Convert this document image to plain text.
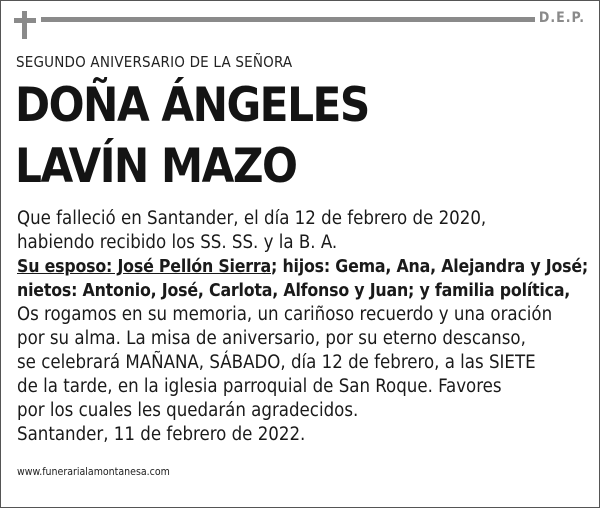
D.E.P.
SEGUNDO ANIVERSARIO DE LA SEÑORA
DOÑA ÁNGELES
LAVÍN MAZO

Que falleció en Santander, el día 12 de febrero de 2020,
habiendo recibido los SS. SS. y la B. A.

Su esposo: José Pellón Sierra; hijos: Gema, Ana, Alejandra y José;
nietos: Antonio, José, Carlota, Alfonso y Juan; y familia política,

Os rogamos en su memoria, un cariñoso recuerdo y una oración
por su alma. La misa de aniversario, por su eterno descanso,
se celebrará MAÑANA, SÁBADO, día 12 de febrero, a las SIETE
de la tarde, en la iglesia parroquial de San Roque. Favores
por los cuales les quedarán agradecidos.

Santander, 11 de febrero de 2022.

www.funerarialamontanesa.com
